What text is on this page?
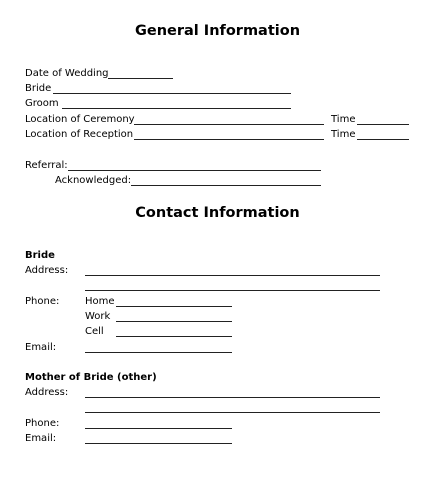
General Information
Date of Wedding
Bride
Groom
Location of Ceremony	Time
Location of Reception	Time
Referral:
Acknowledged:
Contact Information
Bride
Address:
Phone:	Home
Work
Cell
Email:
Mother of Bride (other)
Address:
Phone:
Email:
